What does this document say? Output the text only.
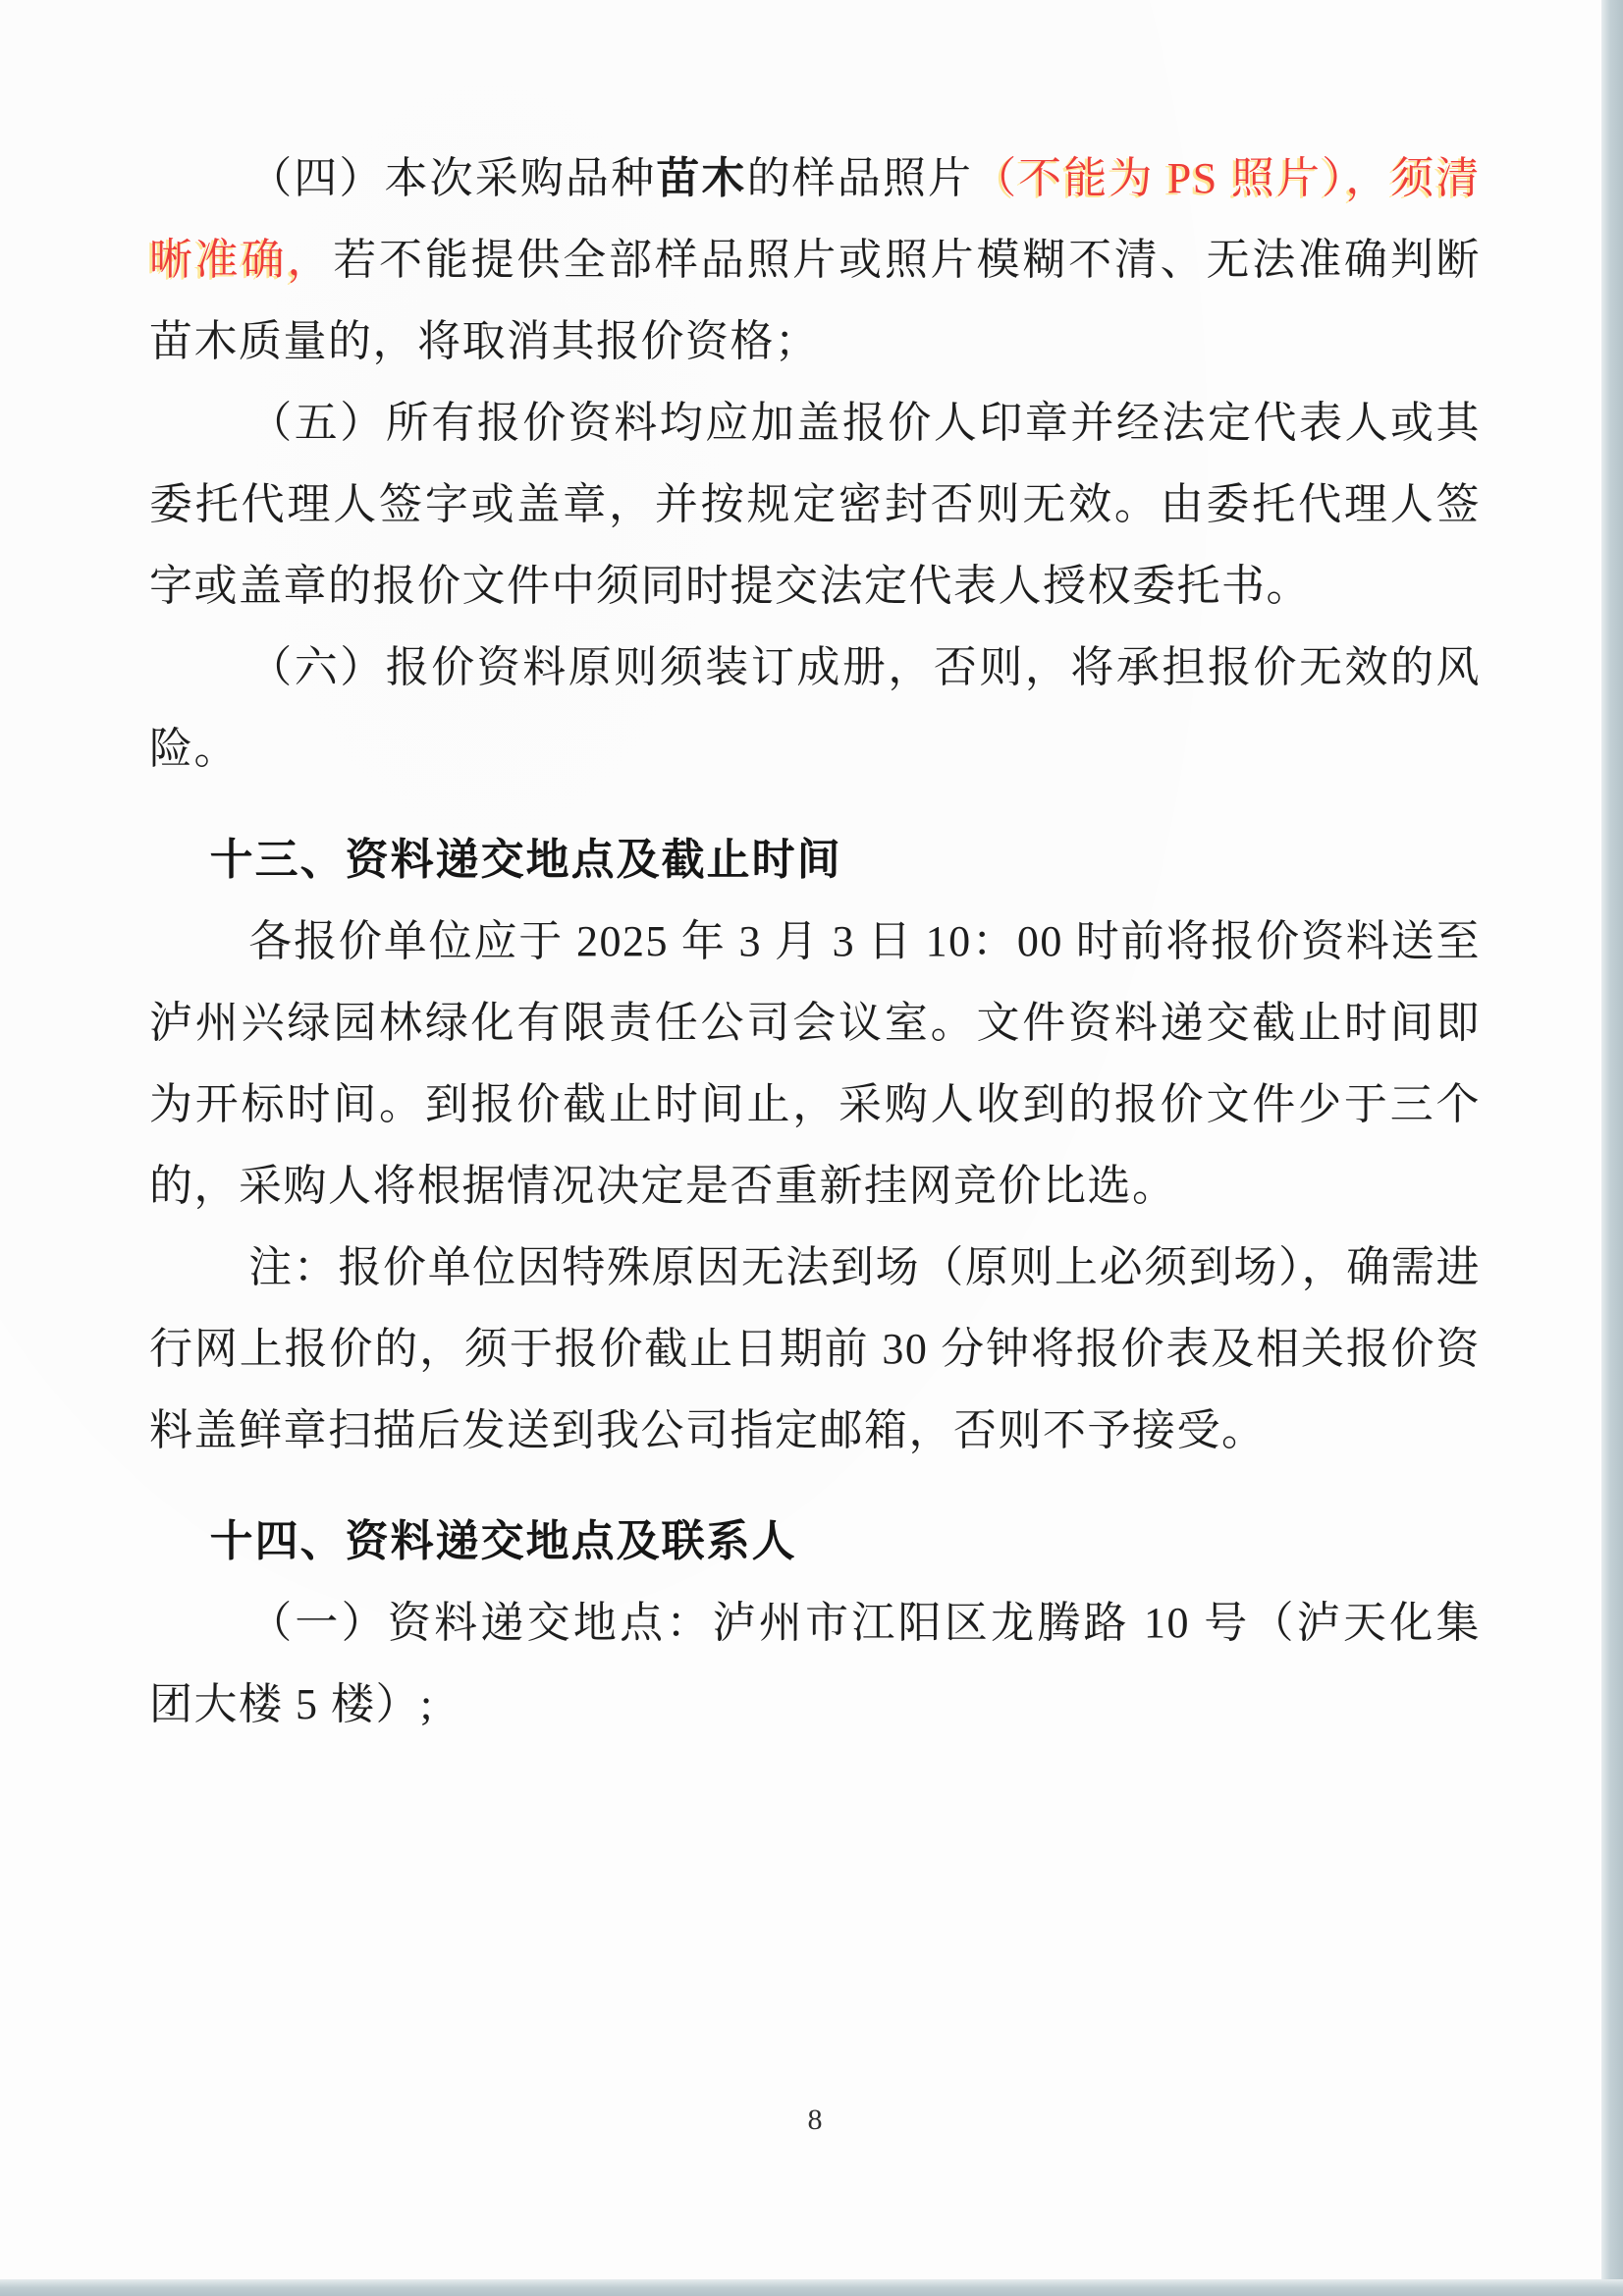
（四）本次采购品种苗木的样品照片（不能为 PS 照片），须清晰准确，若不能提供全部样品照片或照片模糊不清、无法准确判断苗木质量的，将取消其报价资格；
（五）所有报价资料均应加盖报价人印章并经法定代表人或其委托代理人签字或盖章，并按规定密封否则无效。由委托代理人签字或盖章的报价文件中须同时提交法定代表人授权委托书。
（六）报价资料原则须装订成册，否则，将承担报价无效的风险。
十三、资料递交地点及截止时间
各报价单位应于 2025 年 3 月 3 日 10：00 时前将报价资料送至泸州兴绿园林绿化有限责任公司会议室。文件资料递交截止时间即为开标时间。到报价截止时间止，采购人收到的报价文件少于三个的，采购人将根据情况决定是否重新挂网竞价比选。
注：报价单位因特殊原因无法到场（原则上必须到场），确需进行网上报价的，须于报价截止日期前 30 分钟将报价表及相关报价资料盖鲜章扫描后发送到我公司指定邮箱，否则不予接受。
十四、资料递交地点及联系人
（一）资料递交地点：泸州市江阳区龙腾路 10 号（泸天化集团大楼 5 楼）;
8
